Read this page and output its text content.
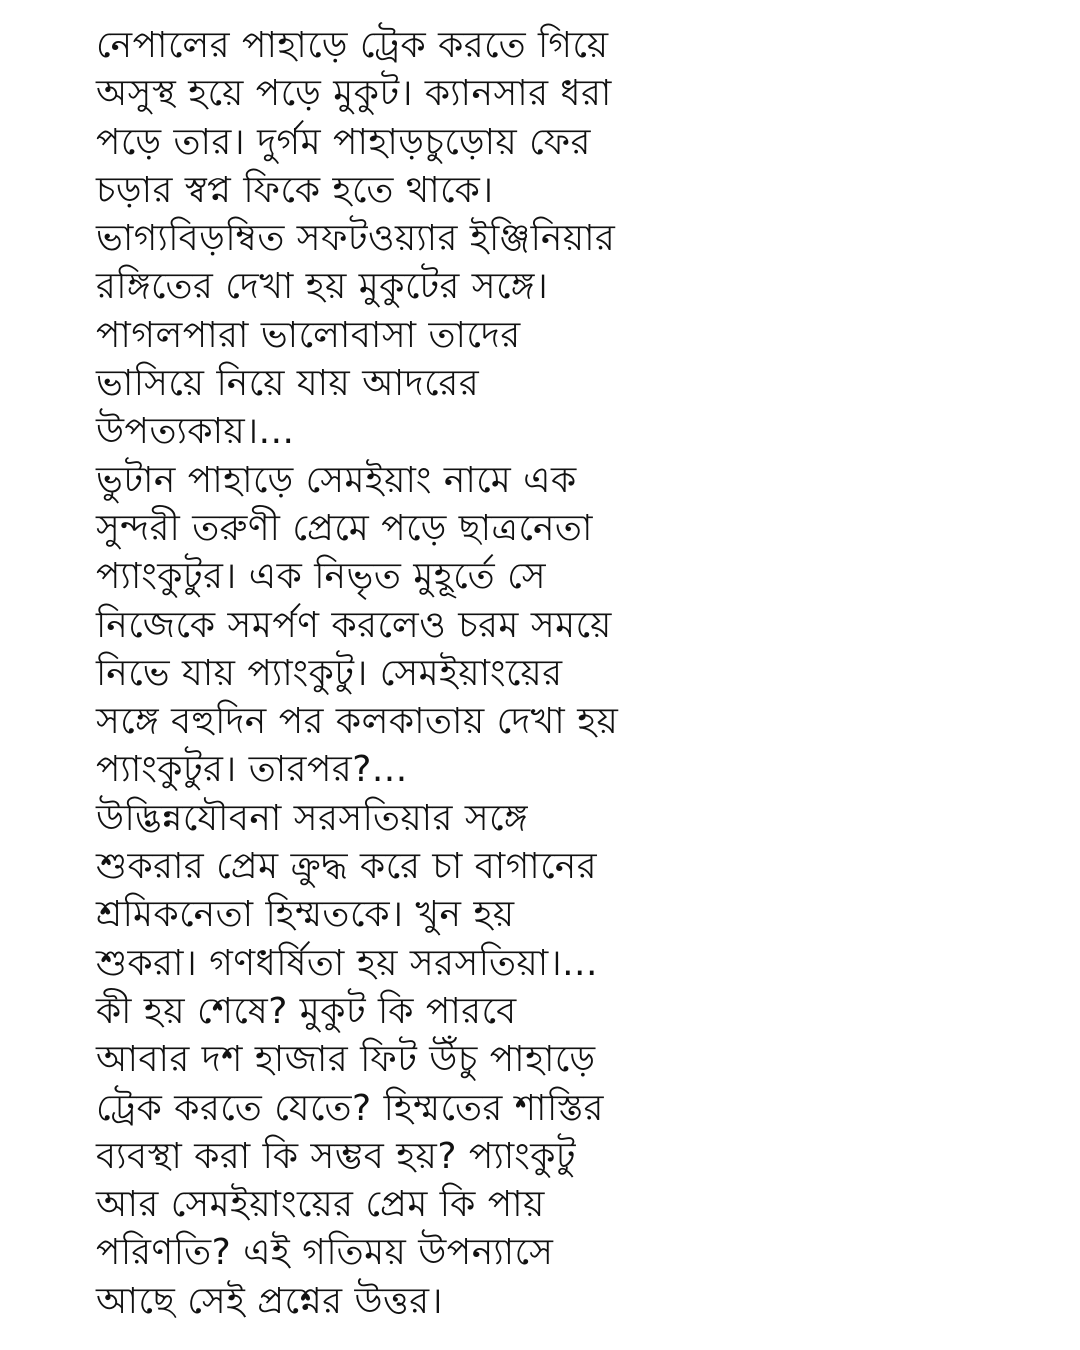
নেপালের পাহাড়ে ট্রেক করতে গিয়ে
অসুস্থ হয়ে পড়ে মুকুট। ক্যানসার ধরা
পড়ে তার। দুর্গম পাহাড়চুড়োয় ফের
চড়ার স্বপ্ন ফিকে হতে থাকে।
ভাগ্যবিড়ম্বিত সফটওয়্যার ইঞ্জিনিয়ার
রঙ্গিতের দেখা হয় মুকুটের সঙ্গে।
পাগলপারা ভালোবাসা তাদের
ভাসিয়ে নিয়ে যায় আদরের
উপত্যকায়।...
ভুটান পাহাড়ে সেমইয়াং নামে এক
সুন্দরী তরুণী প্রেমে পড়ে ছাত্রনেতা
প্যাংকুটুর। এক নিভৃত মুহূর্তে সে
নিজেকে সমর্পণ করলেও চরম সময়ে
নিভে যায় প্যাংকুটু। সেমইয়াংয়ের
সঙ্গে বহুদিন পর কলকাতায় দেখা হয়
প্যাংকুটুর। তারপর?...
উদ্ভিন্নযৌবনা সরসতিয়ার সঙ্গে
শুকরার প্রেম ক্রুদ্ধ করে চা বাগানের
শ্রমিকনেতা হিম্মতকে। খুন হয়
শুকরা। গণধর্ষিতা হয় সরসতিয়া।...
কী হয় শেষে? মুকুট কি পারবে
আবার দশ হাজার ফিট উঁচু পাহাড়ে
ট্রেক করতে যেতে? হিম্মতের শাস্তির
ব্যবস্থা করা কি সম্ভব হয়? প্যাংকুটু
আর সেমইয়াংয়ের প্রেম কি পায়
পরিণতি? এই গতিময় উপন্যাসে
আছে সেই প্রশ্নের উত্তর।
